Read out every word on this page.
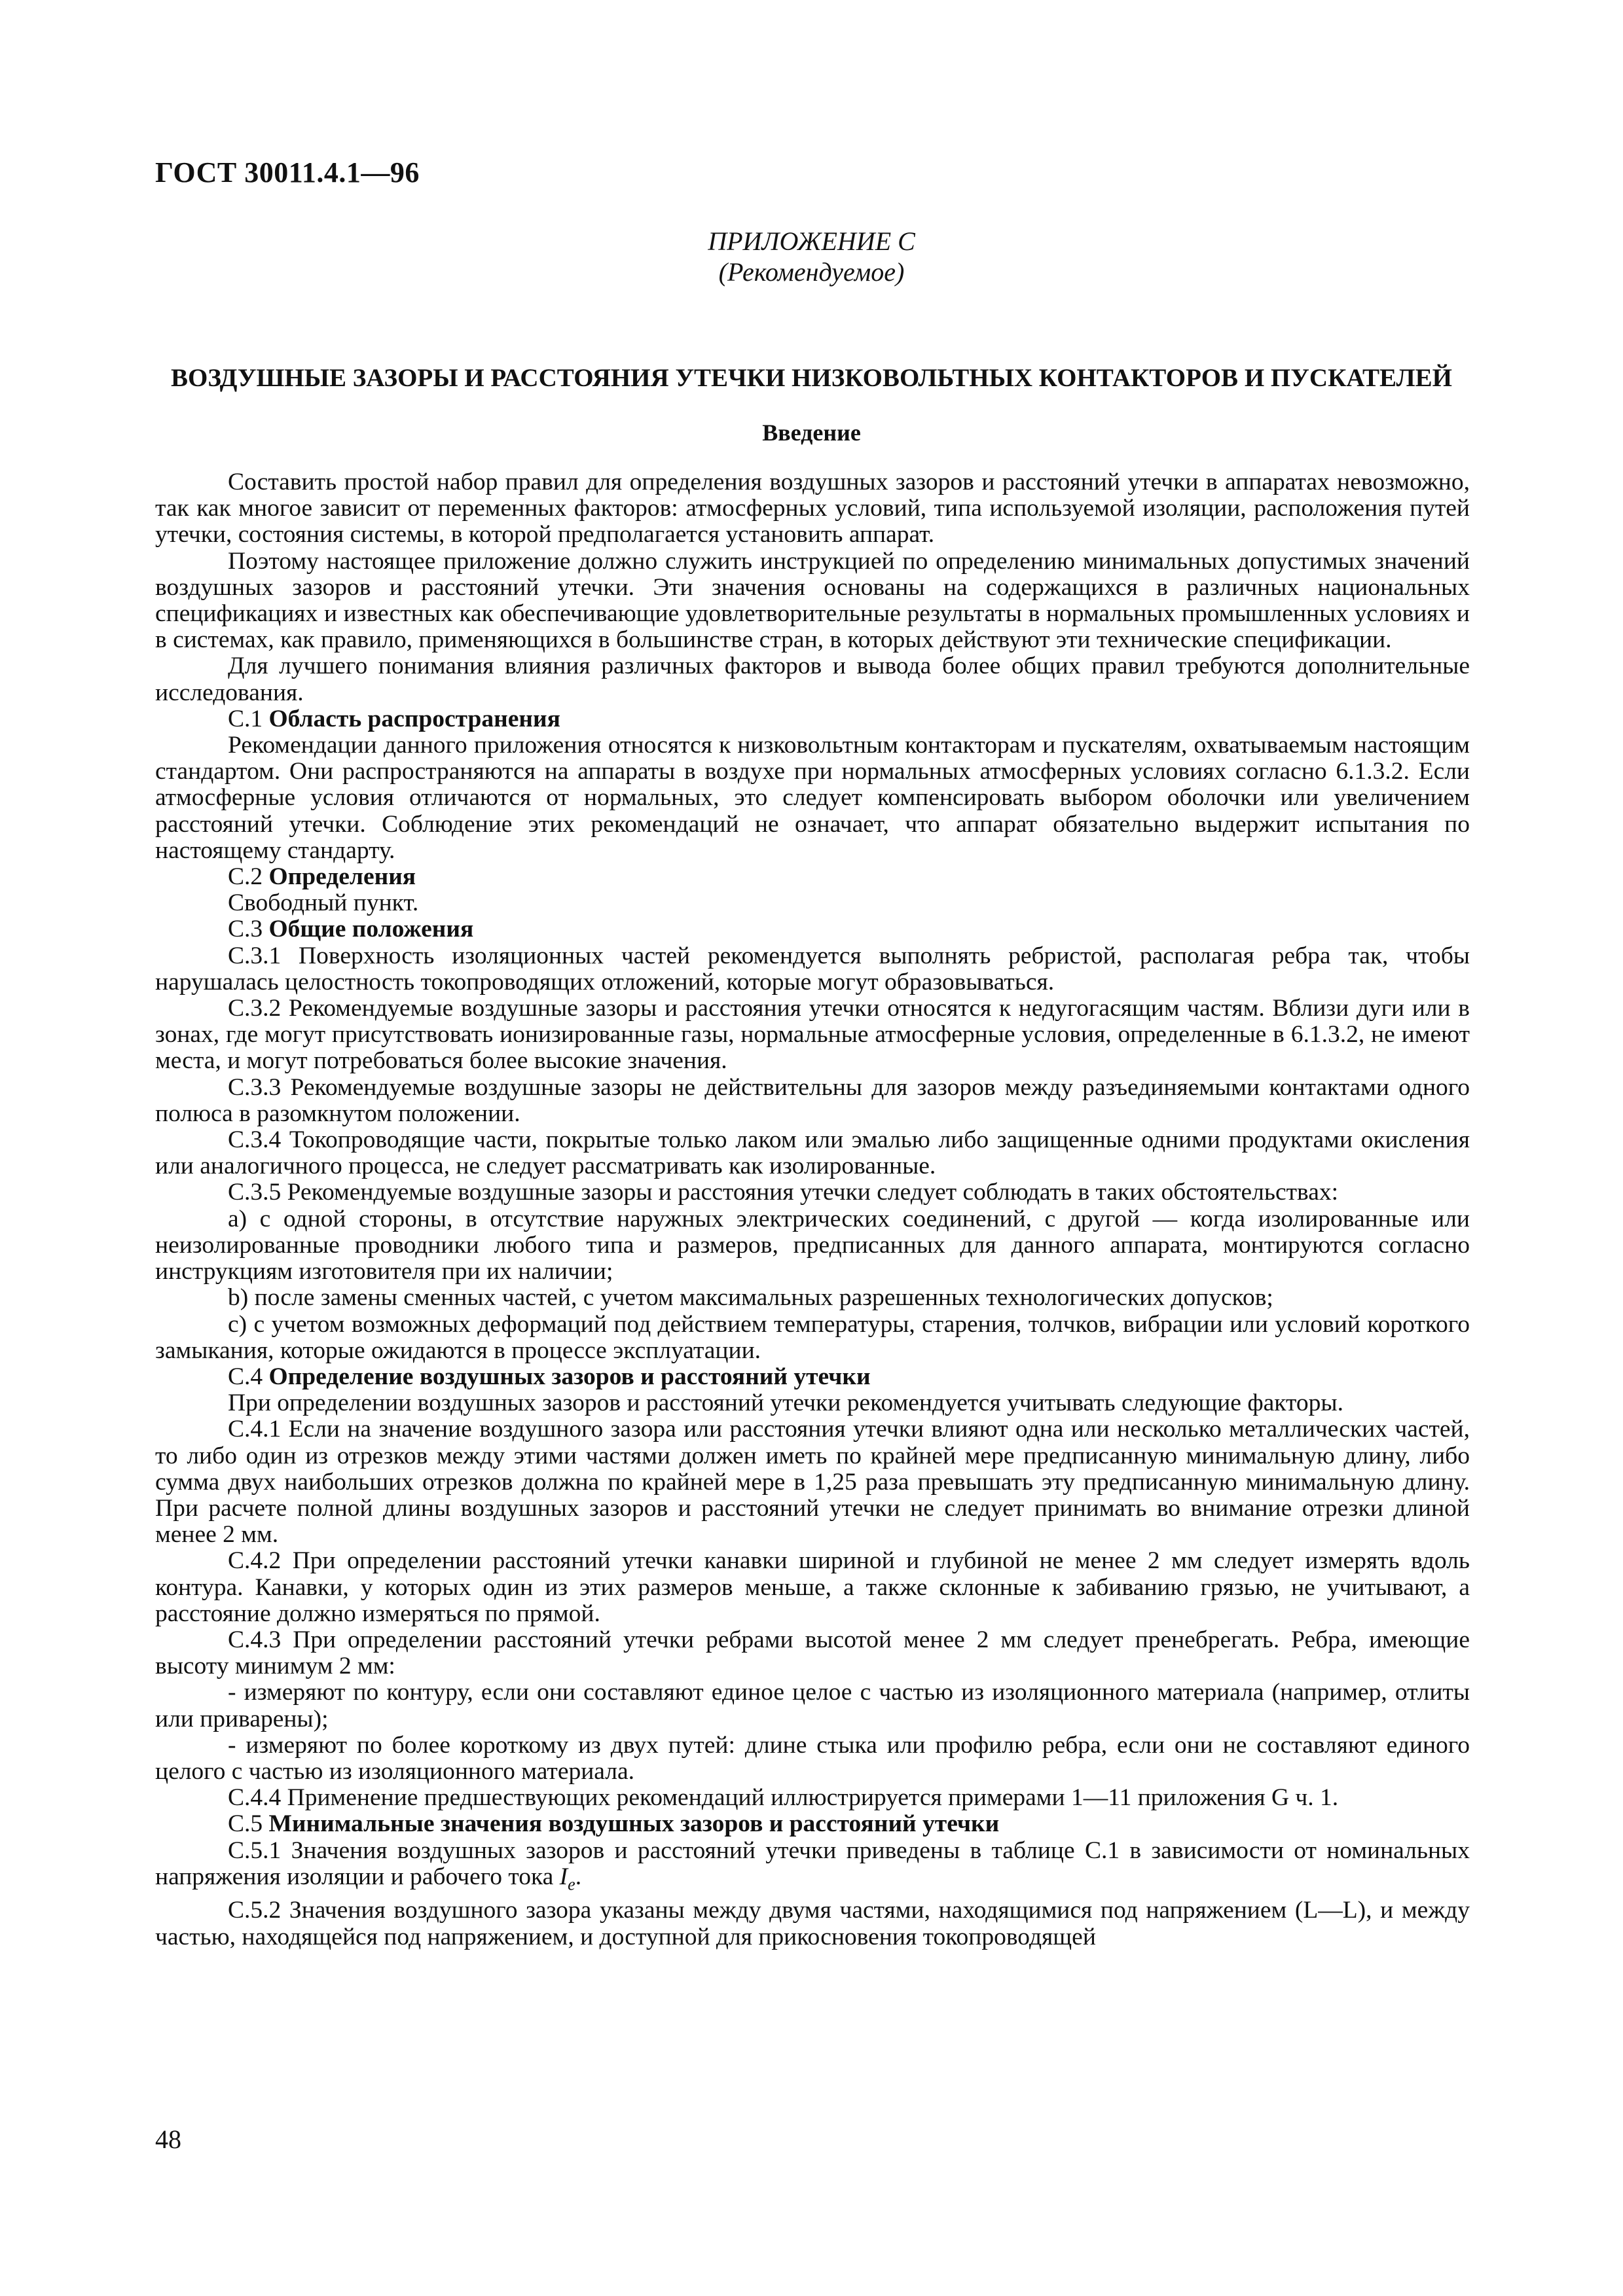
ГОСТ 30011.4.1—96
ПРИЛОЖЕНИЕ С
(Рекомендуемое)
ВОЗДУШНЫЕ ЗАЗОРЫ И РАССТОЯНИЯ УТЕЧКИ НИЗКОВОЛЬТНЫХ КОНТАКТОРОВ И ПУСКАТЕЛЕЙ
Введение

Составить простой набор правил для определения воздушных зазоров и расстояний утечки в аппаратах невозможно, так как многое зависит от переменных факторов: атмосферных условий, типа используемой изоляции, расположения путей утечки, состояния системы, в которой предполагается установить аппарат.

Поэтому настоящее приложение должно служить инструкцией по определению минимальных допустимых значений воздушных зазоров и расстояний утечки. Эти значения основаны на содержащихся в различных национальных спецификациях и известных как обеспечивающие удовлетворительные результаты в нормальных промышленных условиях и в системах, как правило, применяющихся в большинстве стран, в которых действуют эти технические спецификации.

Для лучшего понимания влияния различных факторов и вывода более общих правил требуются дополнительные исследования.

С.1 Область распространения

Рекомендации данного приложения относятся к низковольтным контакторам и пускателям, охватываемым настоящим стандартом. Они распространяются на аппараты в воздухе при нормальных атмосферных условиях согласно 6.1.3.2. Если атмосферные условия отличаются от нормальных, это следует компенсировать выбором оболочки или увеличением расстояний утечки. Соблюдение этих рекомендаций не означает, что аппарат обязательно выдержит испытания по настоящему стандарту.

С.2 Определения

Свободный пункт.

С.3 Общие положения

С.3.1 Поверхность изоляционных частей рекомендуется выполнять ребристой, располагая ребра так, чтобы нарушалась целостность токопроводящих отложений, которые могут образовываться.

С.3.2 Рекомендуемые воздушные зазоры и расстояния утечки относятся к недугогасящим частям. Вблизи дуги или в зонах, где могут присутствовать ионизированные газы, нормальные атмосферные условия, определенные в 6.1.3.2, не имеют места, и могут потребоваться более высокие значения.

С.3.3 Рекомендуемые воздушные зазоры не действительны для зазоров между разъединяемыми контактами одного полюса в разомкнутом положении.

С.3.4 Токопроводящие части, покрытые только лаком или эмалью либо защищенные одними продуктами окисления или аналогичного процесса, не следует рассматривать как изолированные.

С.3.5 Рекомендуемые воздушные зазоры и расстояния утечки следует соблюдать в таких обстоятельствах:

а) с одной стороны, в отсутствие наружных электрических соединений, с другой — когда изолированные или неизолированные проводники любого типа и размеров, предписанных для данного аппарата, монтируются согласно инструкциям изготовителя при их наличии;

b) после замены сменных частей, с учетом максимальных разрешенных технологических допусков;

с) с учетом возможных деформаций под действием температуры, старения, толчков, вибрации или условий короткого замыкания, которые ожидаются в процессе эксплуатации.

С.4 Определение воздушных зазоров и расстояний утечки

При определении воздушных зазоров и расстояний утечки рекомендуется учитывать следующие факторы.

С.4.1 Если на значение воздушного зазора или расстояния утечки влияют одна или несколько металлических частей, то либо один из отрезков между этими частями должен иметь по крайней мере предписанную минимальную длину, либо сумма двух наибольших отрезков должна по крайней мере в 1,25 раза превышать эту предписанную минимальную длину. При расчете полной длины воздушных зазоров и расстояний утечки не следует принимать во внимание отрезки длиной менее 2 мм.

С.4.2 При определении расстояний утечки канавки шириной и глубиной не менее 2 мм следует измерять вдоль контура. Канавки, у которых один из этих размеров меньше, а также склонные к забиванию грязью, не учитывают, а расстояние должно измеряться по прямой.

С.4.3 При определении расстояний утечки ребрами высотой менее 2 мм следует пренебрегать. Ребра, имеющие высоту минимум 2 мм:

- измеряют по контуру, если они составляют единое целое с частью из изоляционного материала (например, отлиты или приварены);

- измеряют по более короткому из двух путей: длине стыка или профилю ребра, если они не составляют единого целого с частью из изоляционного материала.

С.4.4 Применение предшествующих рекомендаций иллюстрируется примерами 1—11 приложения G ч. 1.

С.5 Минимальные значения воздушных зазоров и расстояний утечки

С.5.1 Значения воздушных зазоров и расстояний утечки приведены в таблице С.1 в зависимости от номинальных напряжения изоляции и рабочего тока $I_e$.

С.5.2 Значения воздушного зазора указаны между двумя частями, находящимися под напряжением (L—L), и между частью, находящейся под напряжением, и доступной для прикосновения токопроводящей

48
